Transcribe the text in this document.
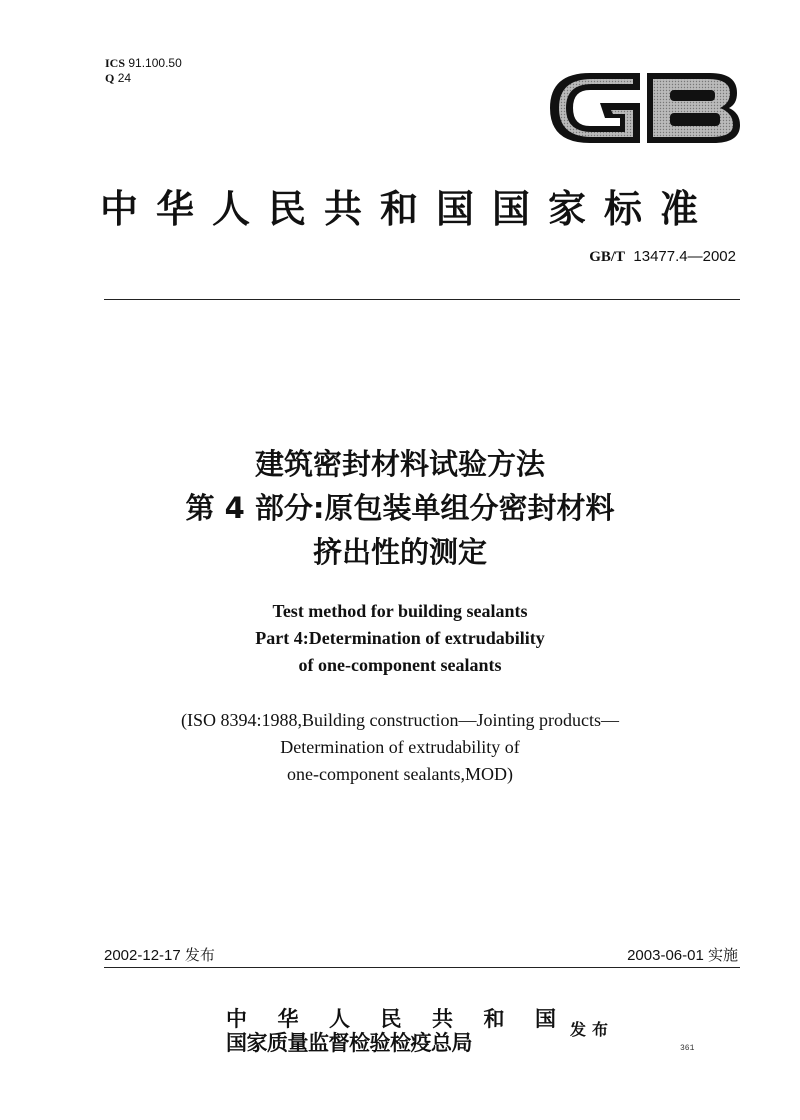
ICS 91.100.50
Q 24
中华人民共和国国家标准
GB/T 13477.4—2002
建筑密封材料试验方法
第 4 部分:原包装单组分密封材料
挤出性的测定
Test method for building sealants
Part 4:Determination of extrudability
of one-component sealants
(ISO 8394:1988,Building construction—Jointing products—
Determination of extrudability of
one-component sealants,MOD)
2002-12-17 发布	2003-06-01 实施
中 华 人 民 共 和 国
国家质量监督检验检疫总局
发布
361
